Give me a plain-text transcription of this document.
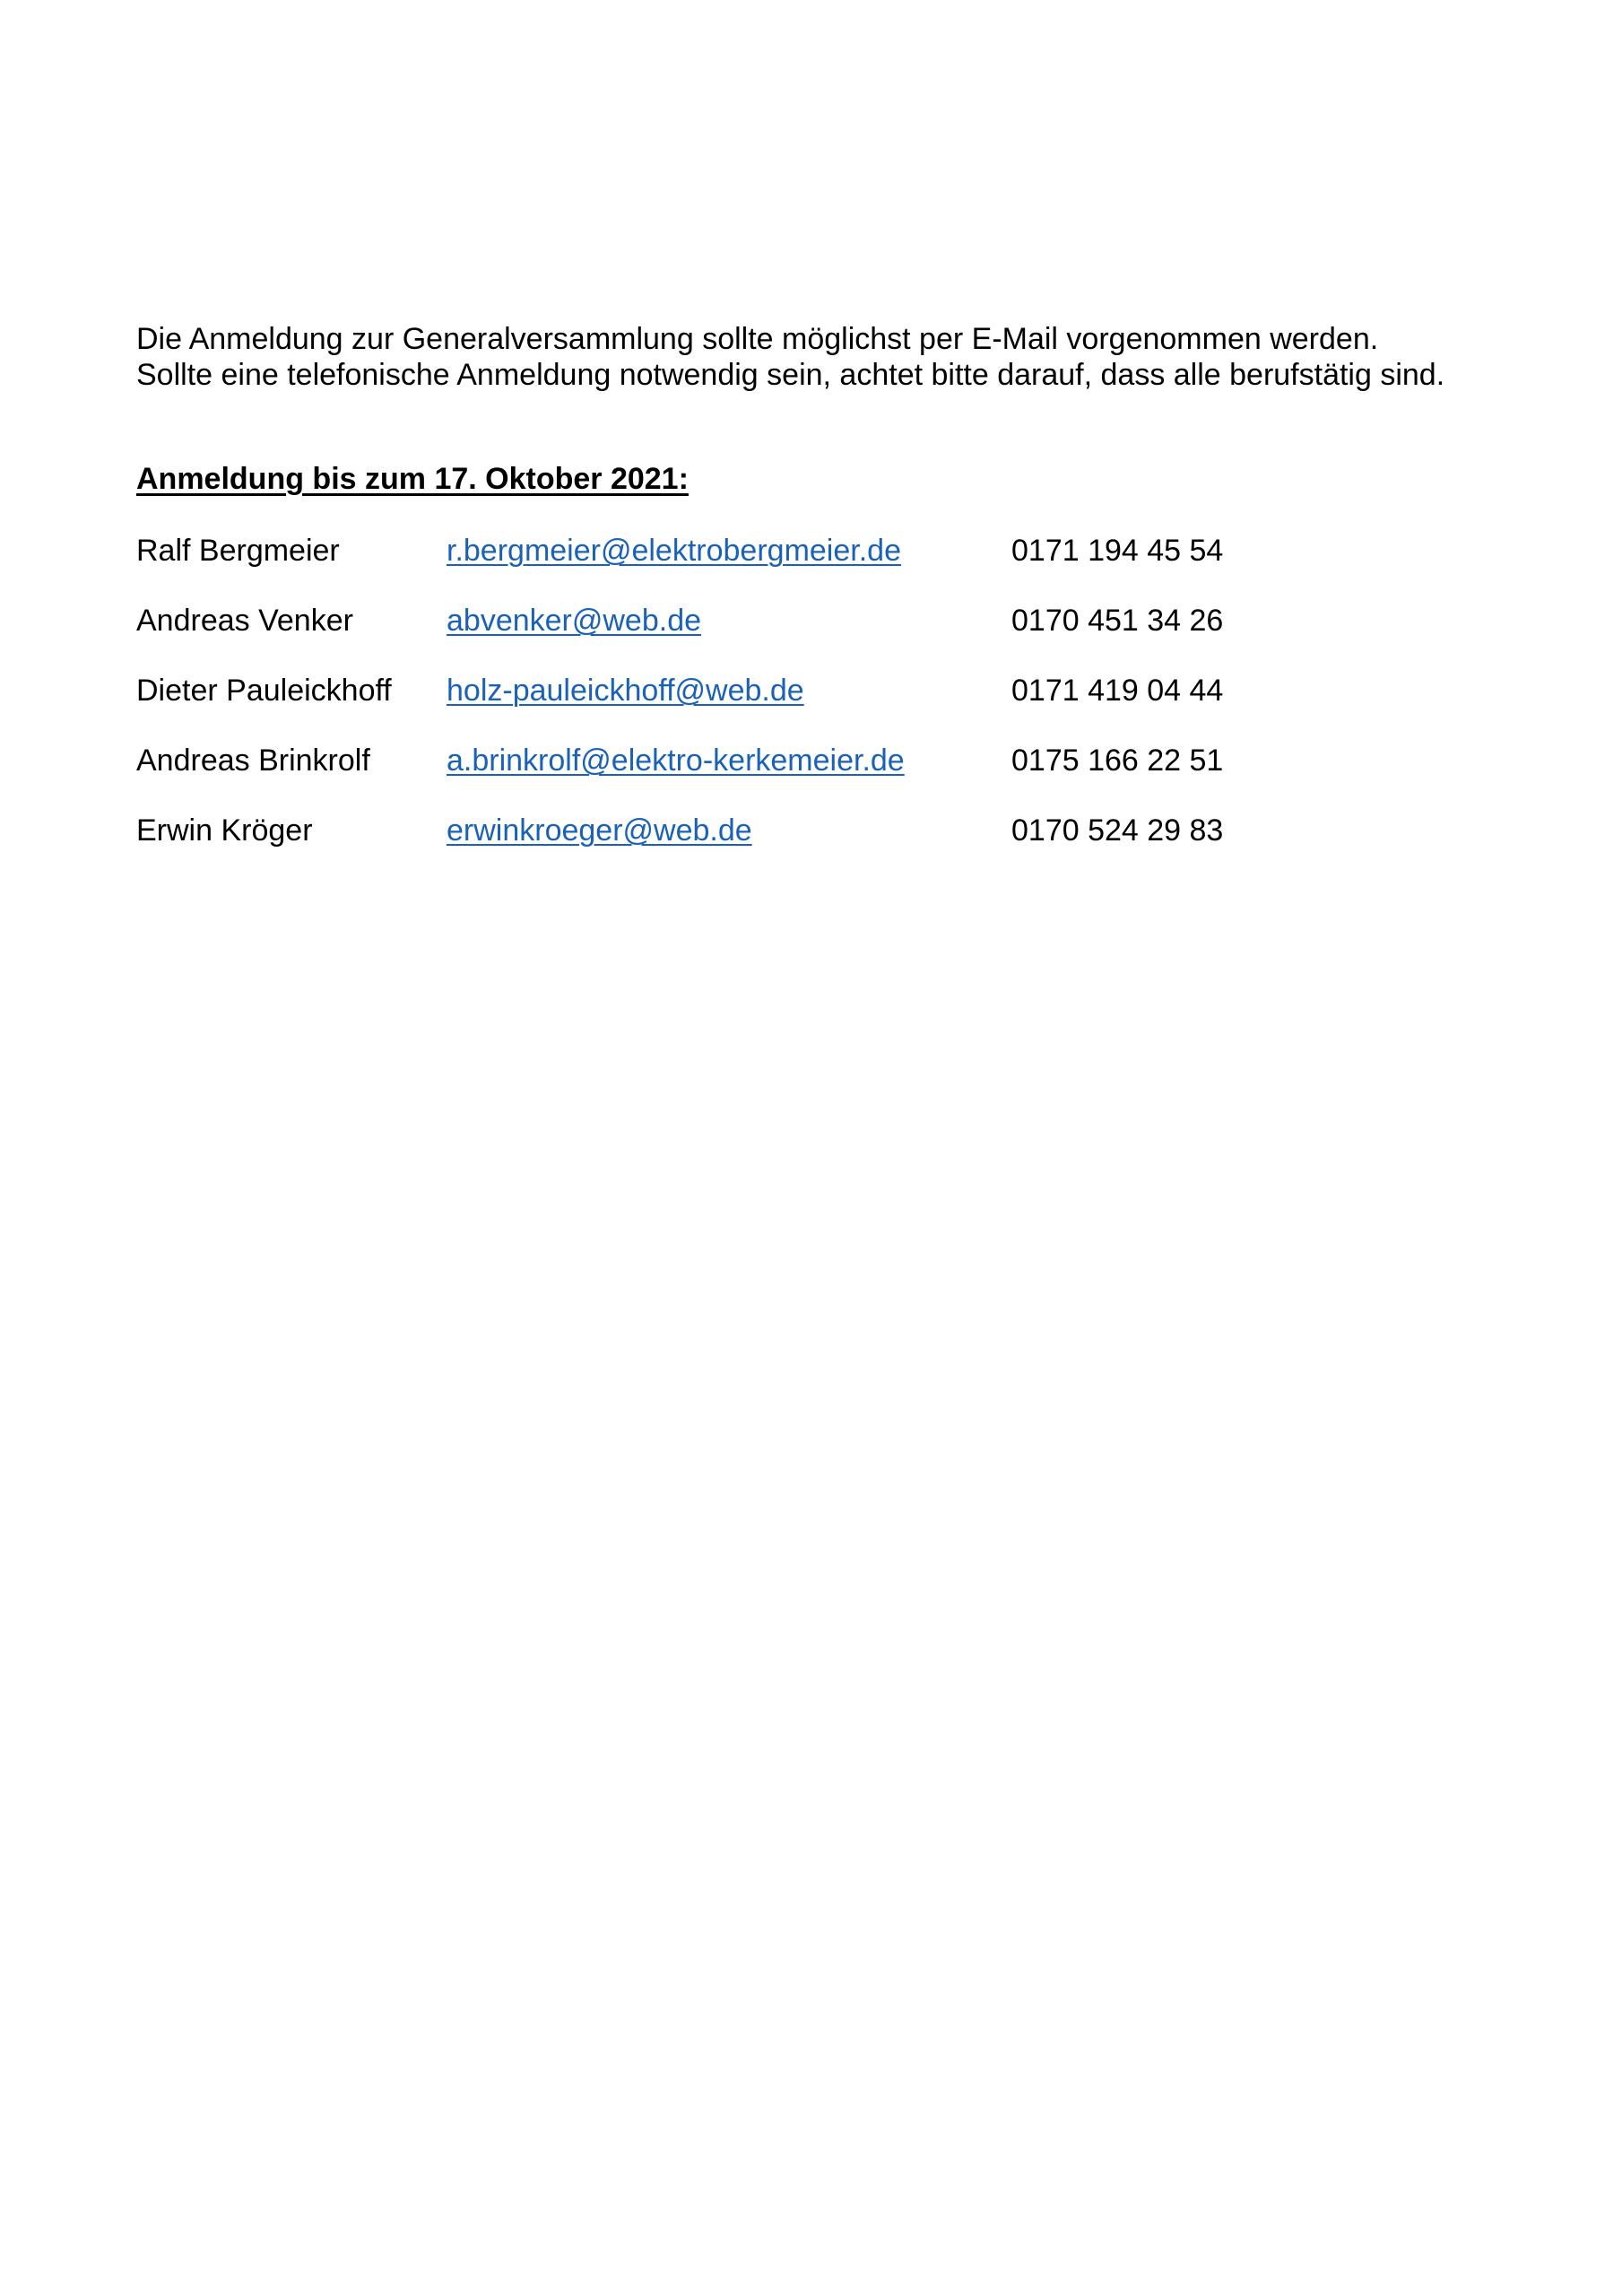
Die Anmeldung zur Generalversammlung sollte möglichst per E-Mail vorgenommen werden.

Sollte eine telefonische Anmeldung notwendig sein, achtet bitte darauf, dass alle berufstätig sind.

Anmeldung bis zum 17. Oktober 2021:
Ralf Bergmeier	r.bergmeier@elektrobergmeier.de	0171 194 45 54
Andreas Venker	abvenker@web.de	0170 451 34 26
Dieter Pauleickhoff holz-pauleickhoff@web.de	0171 419 04 44
Andreas Brinkrolf	a.brinkrolf@elektro-kerkemeier.de	0175 166 22 51
Erwin Kröger	erwinkroeger@web.de	0170 524 29 83
